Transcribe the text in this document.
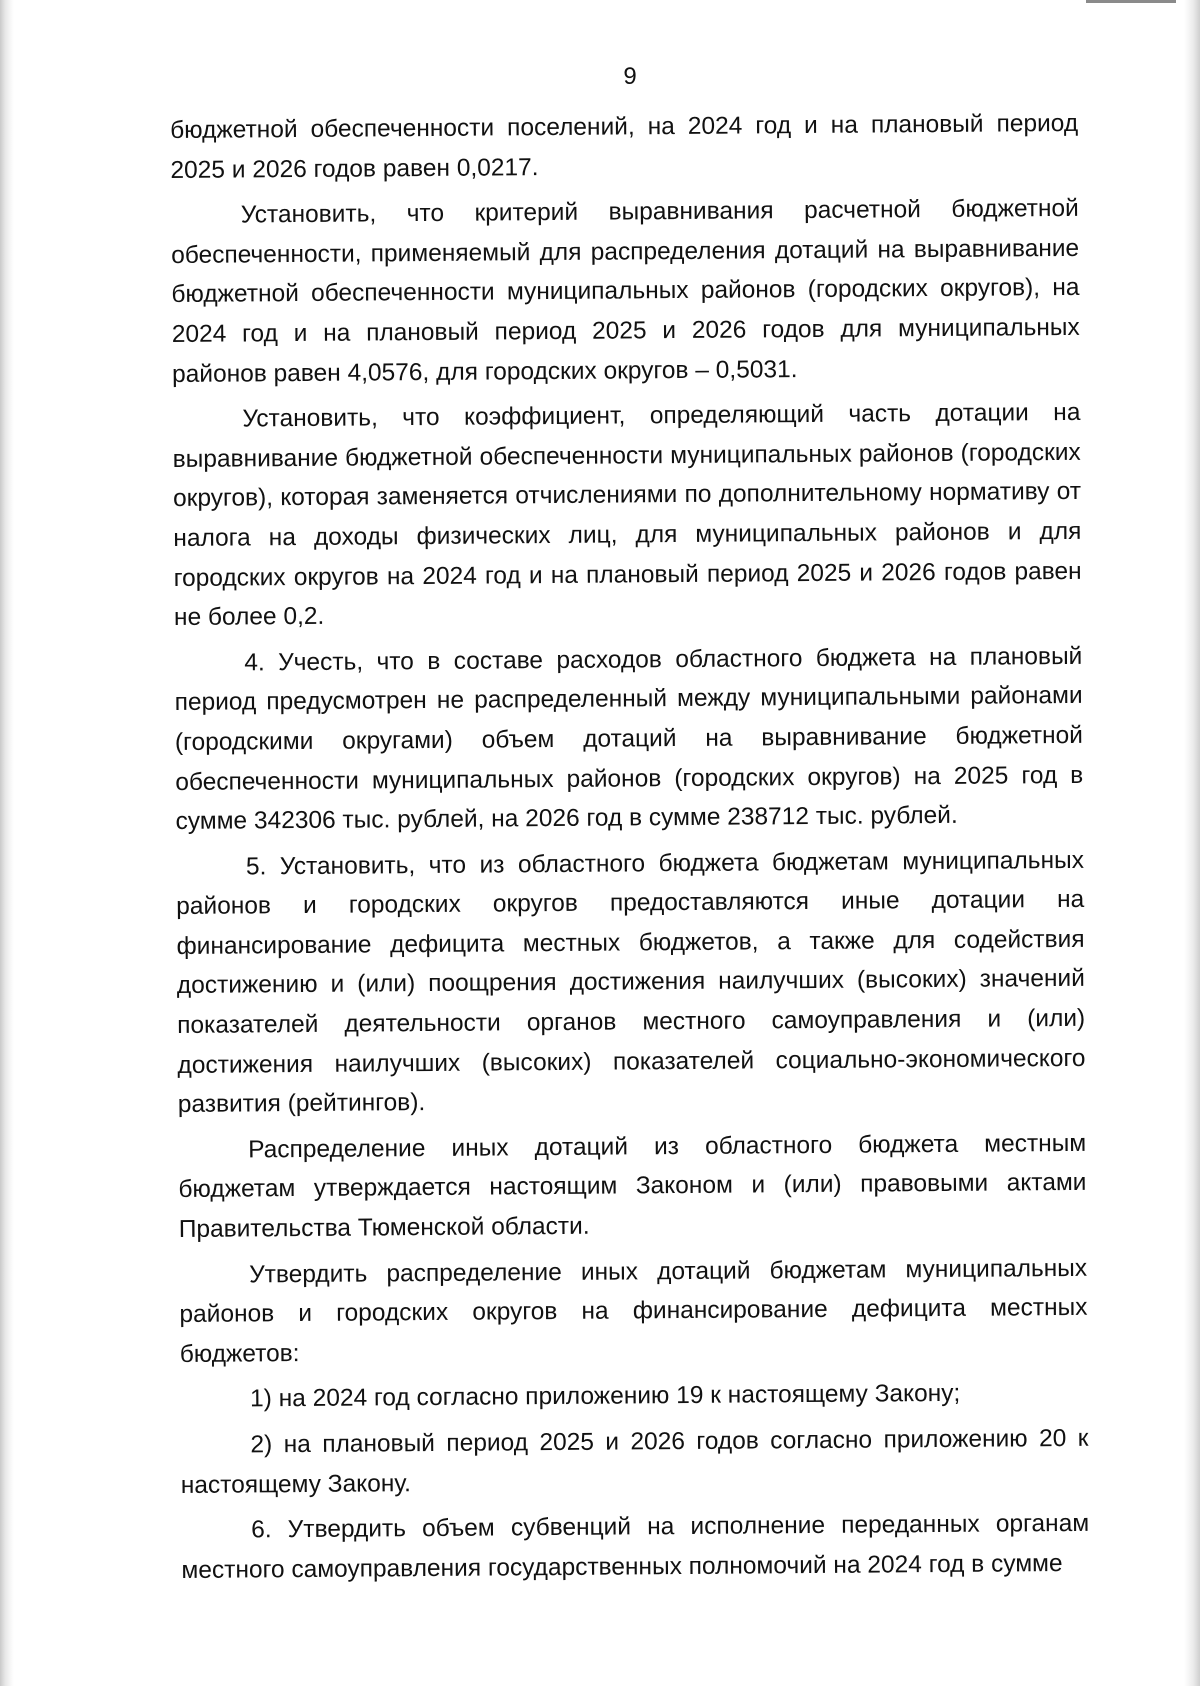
9

бюджетной обеспеченности поселений, на 2024 год и на плановый период 2025 и 2026 годов равен 0,0217.

Установить, что критерий выравнивания расчетной бюджетной обеспеченности, применяемый для распределения дотаций на выравнивание бюджетной обеспеченности муниципальных районов (городских округов), на 2024 год и на плановый период 2025 и 2026 годов для муниципальных районов равен 4,0576, для городских округов – 0,5031.

Установить, что коэффициент, определяющий часть дотации на выравнивание бюджетной обеспеченности муниципальных районов (городских округов), которая заменяется отчислениями по дополнительному нормативу от налога на доходы физических лиц, для муниципальных районов и для городских округов на 2024 год и на плановый период 2025 и 2026 годов равен не более 0,2.

4. Учесть, что в составе расходов областного бюджета на плановый период предусмотрен не распределенный между муниципальными районами (городскими округами) объем дотаций на выравнивание бюджетной обеспеченности муниципальных районов (городских округов) на 2025 год в сумме 342306 тыс. рублей, на 2026 год в сумме 238712 тыс. рублей.

5. Установить, что из областного бюджета бюджетам муниципальных районов и городских округов предоставляются иные дотации на финансирование дефицита местных бюджетов, а также для содействия достижению и (или) поощрения достижения наилучших (высоких) значений показателей деятельности органов местного самоуправления и (или) достижения наилучших (высоких) показателей социально-экономического развития (рейтингов).

Распределение иных дотаций из областного бюджета местным бюджетам утверждается настоящим Законом и (или) правовыми актами Правительства Тюменской области.

Утвердить распределение иных дотаций бюджетам муниципальных районов и городских округов на финансирование дефицита местных бюджетов:

1) на 2024 год согласно приложению 19 к настоящему Закону;

2) на плановый период 2025 и 2026 годов согласно приложению 20 к настоящему Закону.

6. Утвердить объем субвенций на исполнение переданных органам местного самоуправления государственных полномочий на 2024 год в сумме
